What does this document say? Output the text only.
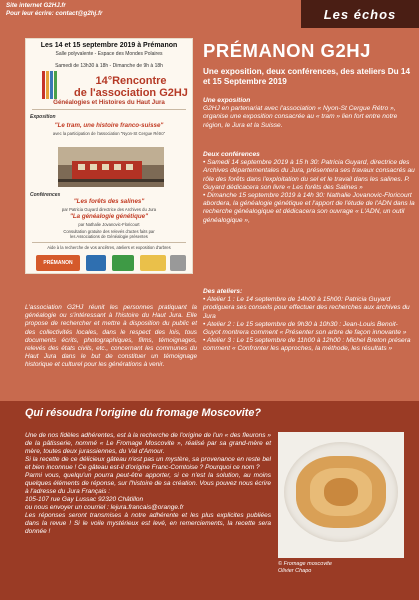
Site internet G2HJ.fr
Pour leur écrire: contact@g2hj.fr	Les échos
Les 14 et 15 septembre 2019 à Prémanon
Salle polyvalente - Espace des Mondes Polaires
Samedi de 13h30 à 18h - Dimanche de 9h à 18h
14°Rencontre
de l'association G2HJ
Généalogies et Histoires du Haut Jura
Exposition
"Le tram, une histoire franco-suisse"
avec la participation de l'association "Nyon-St Cergue Rétro"
Conférences
"Les forêts des salines"
par Patricia Guyard directrice des Archives du Jura
"La généalogie génétique"
par Nathalie Jovanovic-Floricourt
Consultation gratuite des relevés d'actes faits par
les Associations de Généalogie présentes
Aide à la recherche de vos ancêtres, ateliers et exposition d'arbres
PRÉMANON
PRÉMANON G2HJ
Une exposition, deux conférences, des ateliers Du 14 et 15 Septembre 2019
Une exposition

G2HJ en partenariat avec l'association « Nyon-St Cergue Rétro », organise une exposition consacrée au « tram » lien fort entre notre région, le Jura et la Suisse.

Deux conférences

• Samedi 14 septembre 2019 à 15 h 30: Patricia Guyard, directrice des Archives départementales du Jura, présentera ses travaux consacrés au rôle des forêts dans l'exploitation du sel et le travail dans les salines. P. Guyard dédicacera son livre « Les forêts des Salines »

• Dimanche 15 septembre 2019 à 14h 30: Nathalie Jovanovic-Floricourt abordera, la généalogie génétique et l'apport de l'étude de l'ADN dans la recherche généalogique et dédicacera son ouvrage « L'ADN, un outil généalogique »,

Des ateliers:

• Atelier 1 : Le 14 septembre de 14h00 à 15h00: Patricia Guyard prodiguera ses conseils pour effectuer des recherches aux archives du Jura

• Atelier 2 : Le 15 septembre de 9h30 à 10h30 : Jean-Louis Benoit-Guyot montrera comment « Présenter son arbre de façon innovante »

• Atelier 3 : Le 15 septembre de 11h00 à 12h00 : Michel Breton présera comment « Confronter les approches, la méthode, les résultats »

L'association G2HJ réunit les personnes pratiquant la généalogie ou s'intéressant à l'histoire du Haut Jura. Elle propose de rechercher et mettre à disposition du public et des collectivités locales, dans le respect des lois, tous documents écrits, photographiques, films, témoignages, relevés des états civils, etc., concernant les communes du Haut Jura dans le but de constituer un témoignage historique et culturel pour les générations à venir.
Qui résoudra l'origine du fromage Moscovite?

Une de nos fidèles adhérentes, est à la recherche de l'origine de l'un « des fleurons » de la pâtisserie, nommé « Le Fromage Moscovite », réalisé par sa grand-mère et mère, toutes deux jurassiennes, du Val d'Amour.

Si la recette de ce délicieux gâteau n'est pas un mystère, sa provenance en reste bel et bien inconnue ! Ce gâteau est-il d'origine Franc-Comtoise ? Pourquoi ce nom ?

Parmi vous, quelqu'un pourra peut-être apporter, si ce n'est la solution, au moins quelques éléments de réponse, sur l'histoire de sa création. Vous pouvez nous écrire à l'adresse du Jura Français :

105-107 rue Gay Lussac 92320 Châtillon

ou nous envoyer un courriel : lejura.francais@orange.fr

Les réponses seront transmises à notre adhérente et les plus explicites publiées dans la revue ! Si le voile mystérieux est levé, en remerciements, la recette sera donnée !

© Fromage moscovite
Olivier Chapo
